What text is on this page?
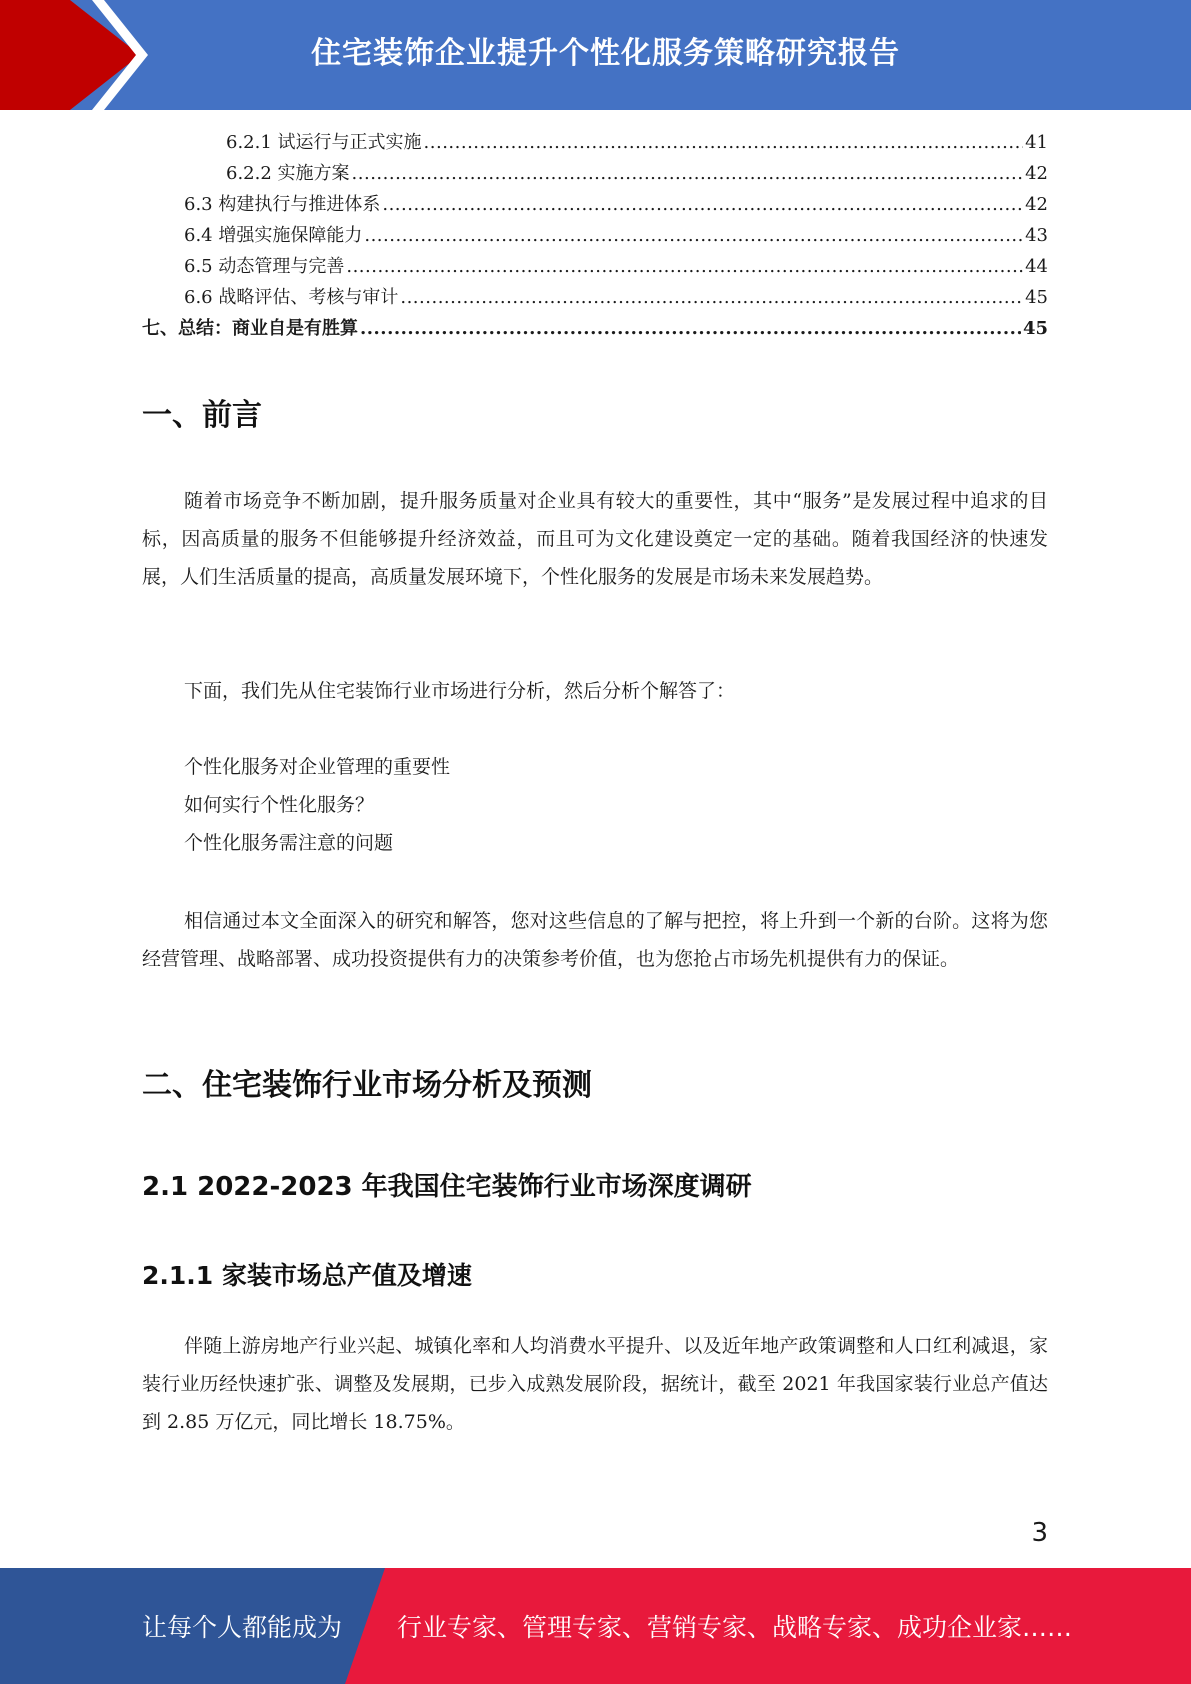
住宅装饰企业提升个性化服务策略研究报告
6.2.1 试运行与正式实施 .....	41
6.2.2 实施方案 .....	42
6.3 构建执行与推进体系 .....	42
6.4 增强实施保障能力 .....	43
6.5 动态管理与完善 .....	44
6.6 战略评估、考核与审计 .....	45
七、总结：商业自是有胜算 .....	45
一、前言

随着市场竞争不断加剧，提升服务质量对企业具有较大的重要性，其中“服务”是发展过程中追求的目标，因高质量的服务不但能够提升经济效益，而且可为文化建设奠定一定的基础。随着我国经济的快速发展，人们生活质量的提高，高质量发展环境下，个性化服务的发展是市场未来发展趋势。

下面，我们先从住宅装饰行业市场进行分析，然后分析个解答了：

个性化服务对企业管理的重要性
如何实行个性化服务？
个性化服务需注意的问题

相信通过本文全面深入的研究和解答，您对这些信息的了解与把控，将上升到一个新的台阶。这将为您经营管理、战略部署、成功投资提供有力的决策参考价值，也为您抢占市场先机提供有力的保证。

二、住宅装饰行业市场分析及预测
2.1 2022-2023 年我国住宅装饰行业市场深度调研
2.1.1 家装市场总产值及增速

伴随上游房地产行业兴起、城镇化率和人均消费水平提升、以及近年地产政策调整和人口红利减退，家装行业历经快速扩张、调整及发展期，已步入成熟发展阶段，据统计，截至 2021 年我国家装行业总产值达到 2.85 万亿元，同比增长 18.75%。

3
让每个人都能成为 行业专家、管理专家、营销专家、战略专家、成功企业家……
